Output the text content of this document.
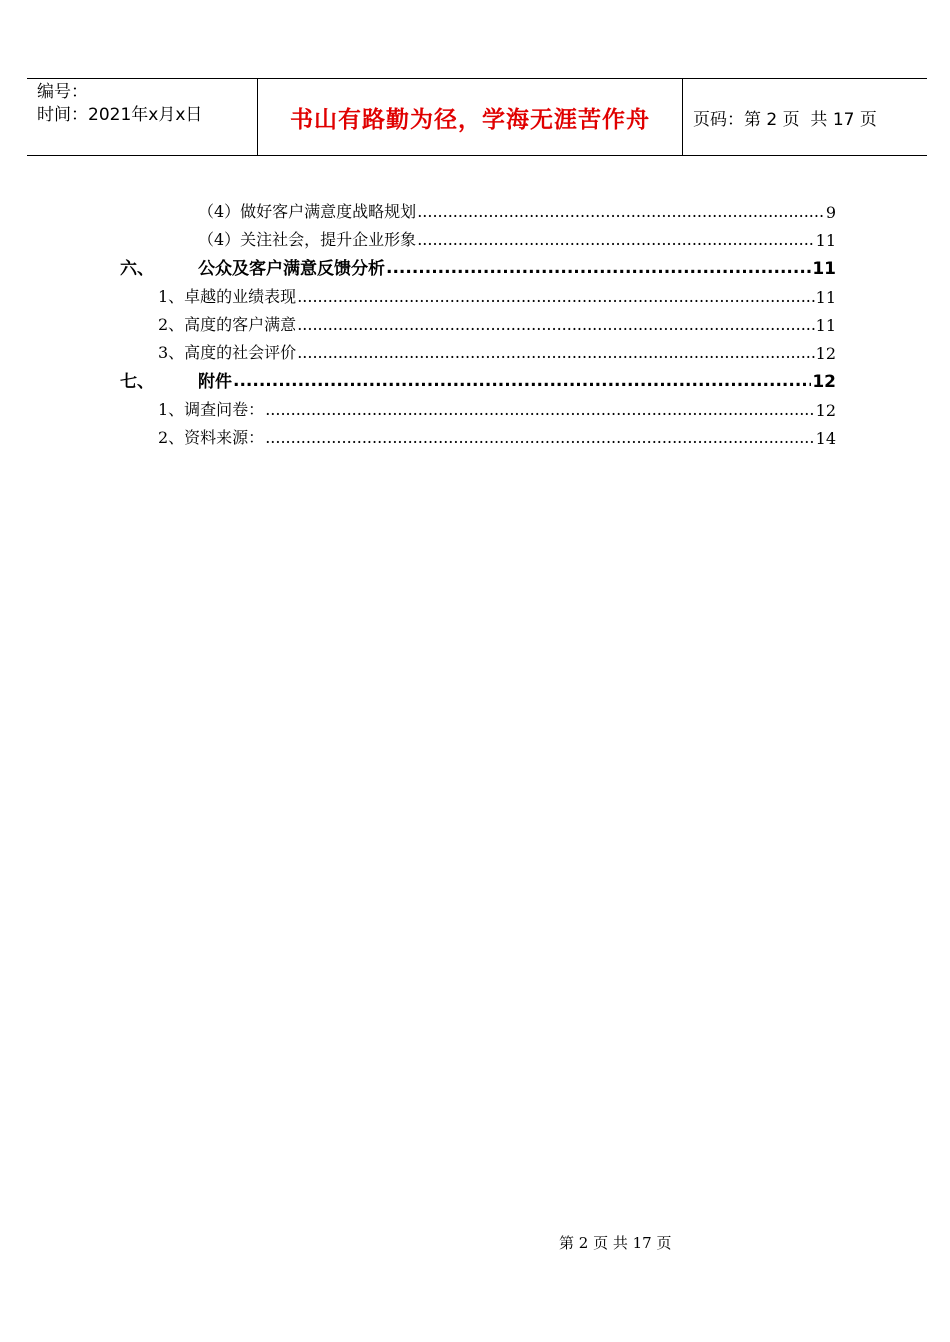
编号：
时间：2021年x月x日	书山有路勤为径，学海无涯苦作舟	页码：第 2 页  共 17 页
（4）做好客户满意度战略规划 .....	9
（4）关注社会，提升企业形象 .....	11
六、	公众及客户满意反馈分析 .....	11
1、卓越的业绩表现 .....	11
2、高度的客户满意 .....	11
3、高度的社会评价 .....	12
七、	附件 .....	12
1、调查问卷： .....	12
2、资料来源： .....	14
第 2 页 共 17 页
